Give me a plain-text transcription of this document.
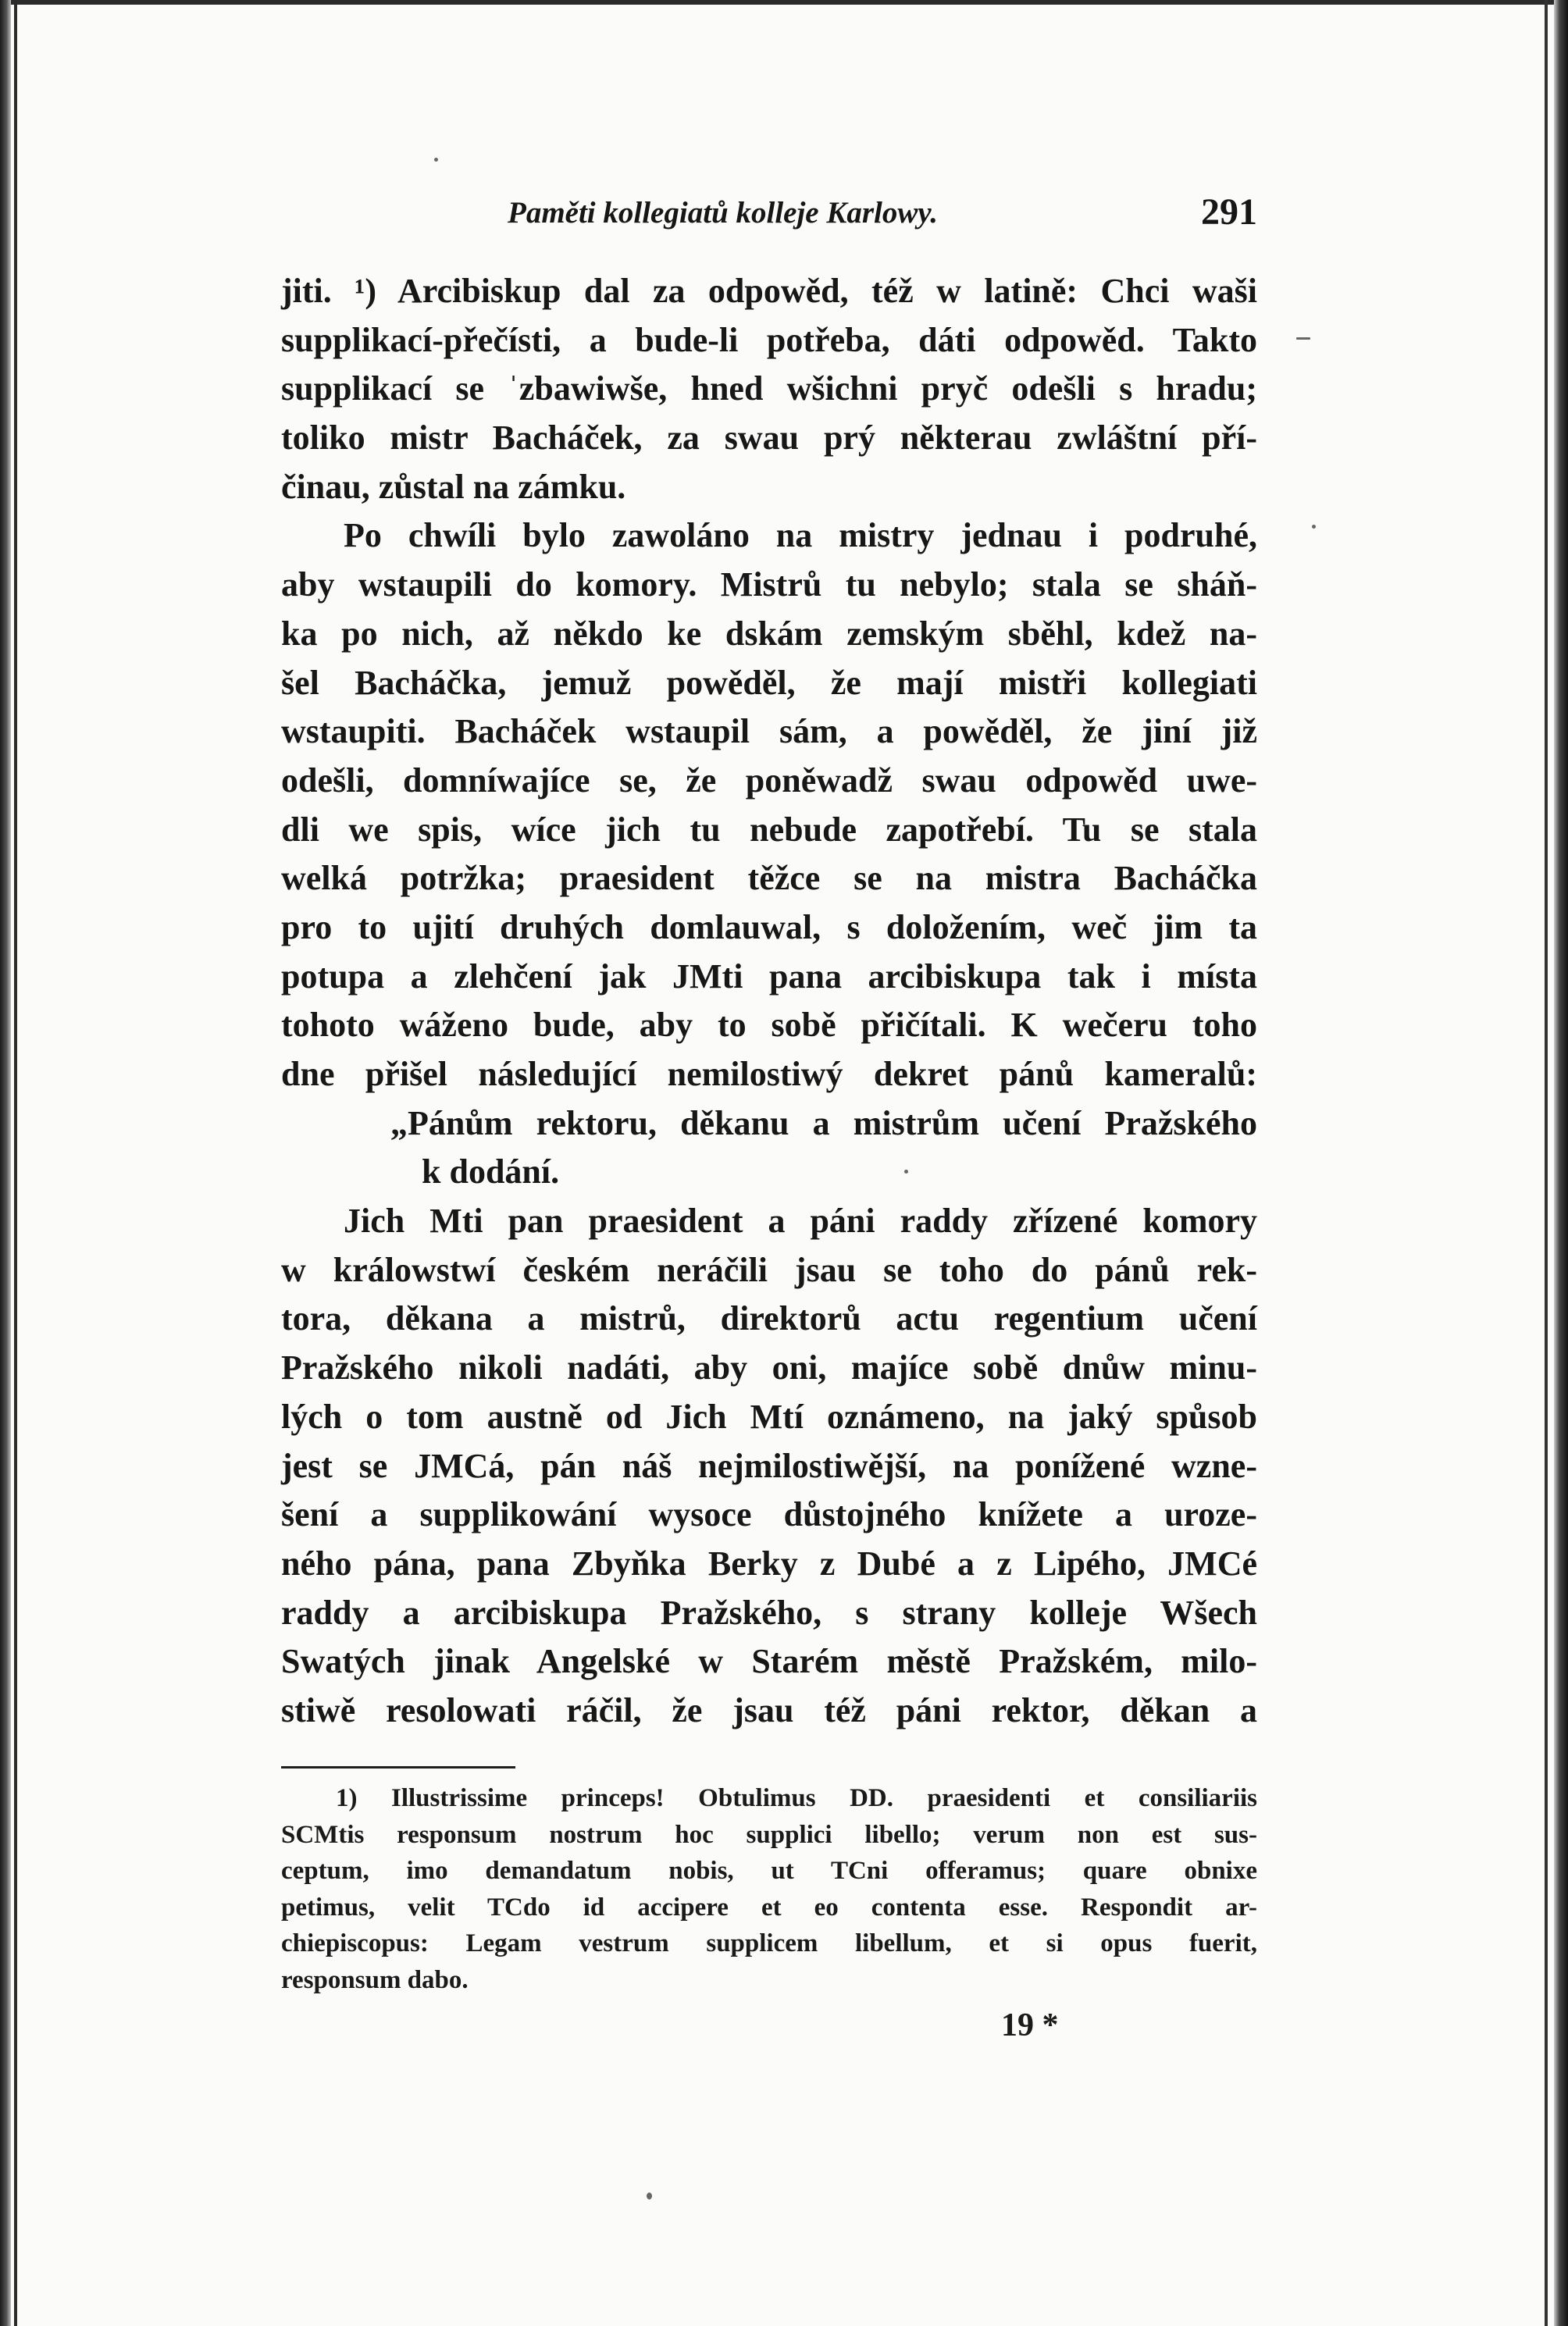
Paměti kollegiatů kolleje Karlowy.	291
jiti. ¹) Arcibiskup dal za odpowěd, též w latině: Chci waši
supplikací-přečísti, a bude-li potřeba, dáti odpowěd. Takto
supplikací se ˈzbawiwše, hned wšichni pryč odešli s hradu;
toliko mistr Bacháček, za swau prý některau zwláštní pří-
činau, zůstal na zámku.
Po chwíli bylo zawoláno na mistry jednau i podruhé,
aby wstaupili do komory. Mistrů tu nebylo; stala se sháň-
ka po nich, až někdo ke dskám zemským sběhl, kdež na-
šel Bacháčka, jemuž powěděl, že mají mistři kollegiati
wstaupiti. Bacháček wstaupil sám, a powěděl, že jiní již
odešli, domníwajíce se, že poněwadž swau odpowěd uwe-
dli we spis, wíce jich tu nebude zapotřebí. Tu se stala
welká potržka; praesident těžce se na mistra Bacháčka
pro to ujití druhých domlauwal, s doložením, weč jim ta
potupa a zlehčení jak JMti pana arcibiskupa tak i místa
tohoto wáženo bude, aby to sobě přičítali. K wečeru toho
dne přišel následující nemilostiwý dekret pánů kameralů:
„Pánům rektoru, děkanu a mistrům učení Pražského
k dodání.
Jich Mti pan praesident a páni raddy zřízené komory
w králowstwí českém neráčili jsau se toho do pánů rek-
tora, děkana a mistrů, direktorů actu regentium učení
Pražského nikoli nadáti, aby oni, majíce sobě dnůw minu-
lých o tom austně od Jich Mtí oznámeno, na jaký spůsob
jest se JMCá, pán náš nejmilostiwější, na ponížené wzne-
šení a supplikowání wysoce důstojného knížete a uroze-
ného pána, pana Zbyňka Berky z Dubé a z Lipého, JMCé
raddy a arcibiskupa Pražského, s strany kolleje Wšech
Swatých jinak Angelské w Starém městě Pražském, milo-
stiwě resolowati ráčil, že jsau též páni rektor, děkan a
1) Illustrissime princeps! Obtulimus DD. praesidenti et consiliariis
SCMtis responsum nostrum hoc supplici libello; verum non est sus-
ceptum, imo demandatum nobis, ut TCni offeramus; quare obnixe
petimus, velit TCdo id accipere et eo contenta esse. Respondit ar-
chiepiscopus: Legam vestrum supplicem libellum, et si opus fuerit,
responsum dabo.
19 *
